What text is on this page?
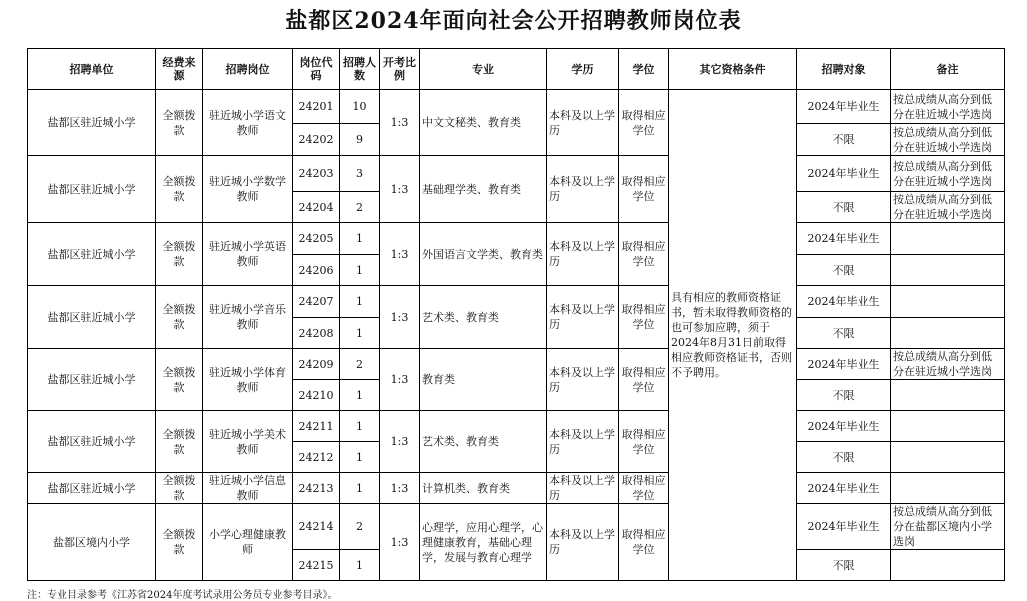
盐都区2024年面向社会公开招聘教师岗位表
招聘单位	经费来源	招聘岗位	岗位代码	招聘人数	开考比例	专业	学历	学位	其它资格条件	招聘对象	备注
盐都区驻近城小学	全额拨款	驻近城小学语文教师	24201	10	1:3	中文文秘类、教育类	本科及以上学历	取得相应学位	具有相应的教师资格证书，暂未取得教师资格的也可参加应聘，须于2024年8月31日前取得相应教师资格证书，否则不予聘用。	2024年毕业生	按总成绩从高分到低分在驻近城小学选岗
			24202	9						不限	按总成绩从高分到低分在驻近城小学选岗
盐都区驻近城小学	全额拨款	驻近城小学数学教师	24203	3	1:3	基础理学类、教育类	本科及以上学历	取得相应学位		2024年毕业生	按总成绩从高分到低分在驻近城小学选岗
			24204	2						不限	按总成绩从高分到低分在驻近城小学选岗
盐都区驻近城小学	全额拨款	驻近城小学英语教师	24205	1	1:3	外国语言文学类、教育类	本科及以上学历	取得相应学位		2024年毕业生	
			24206	1						不限	
盐都区驻近城小学	全额拨款	驻近城小学音乐教师	24207	1	1:3	艺术类、教育类	本科及以上学历	取得相应学位		2024年毕业生	
			24208	1						不限	
盐都区驻近城小学	全额拨款	驻近城小学体育教师	24209	2	1:3	教育类	本科及以上学历	取得相应学位		2024年毕业生	按总成绩从高分到低分在驻近城小学选岗
			24210	1						不限	
盐都区驻近城小学	全额拨款	驻近城小学美术教师	24211	1	1:3	艺术类、教育类	本科及以上学历	取得相应学位		2024年毕业生	
			24212	1						不限	
盐都区驻近城小学	全额拨款	驻近城小学信息教师	24213	1	1:3	计算机类、教育类	本科及以上学历	取得相应学位		2024年毕业生	
盐都区境内小学	全额拨款	小学心理健康教师	24214	2	1:3	心理学，应用心理学，心理健康教育，基础心理学，发展与教育心理学	本科及以上学历	取得相应学位		2024年毕业生	按总成绩从高分到低分在盐都区境内小学选岗
			24215	1						不限	
注：专业目录参考《江苏省2024年度考试录用公务员专业参考目录》。
